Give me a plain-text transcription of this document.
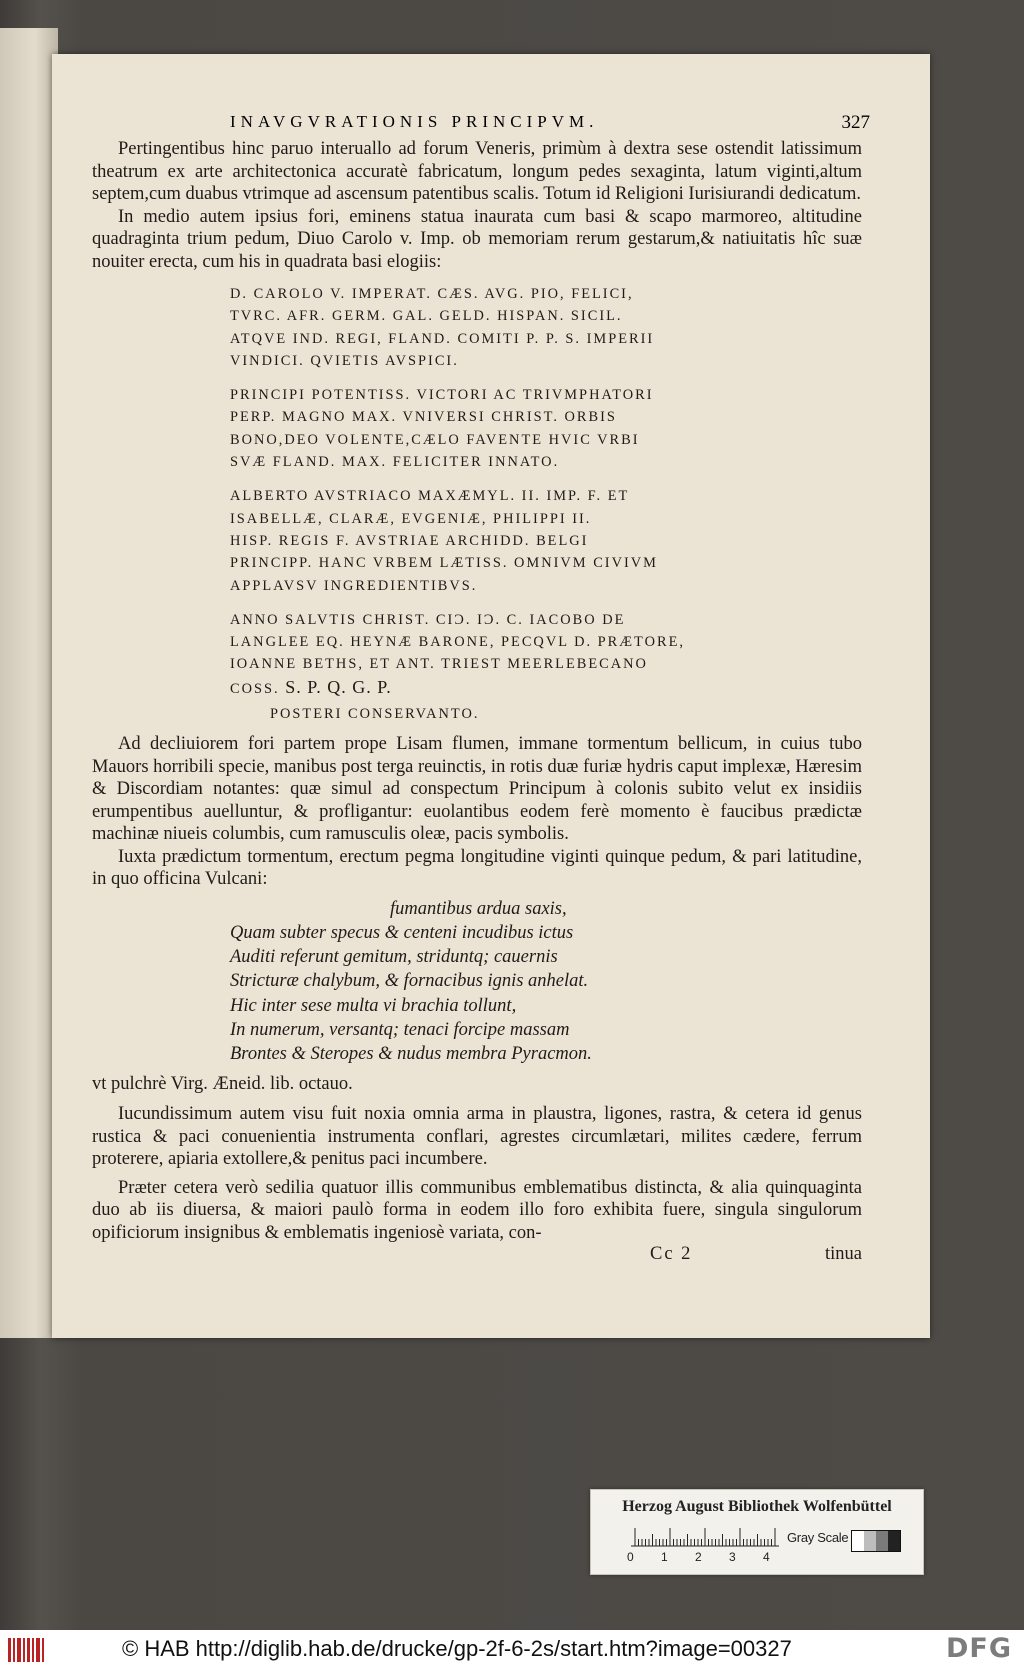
INAVGVRATIONIS PRINCIPVM.	327

Pertingentibus hinc paruo interuallo ad forum Veneris, primùm à dextra sese ostendit latissimum theatrum ex arte architectonica accuratè fabricatum, longum pedes sexaginta, latum viginti,altum septem,cum duabus vtrimque ad ascensum patentibus scalis. Totum id Religioni Iurisiurandi dedicatum.

In medio autem ipsius fori, eminens statua inaurata cum basi & scapo marmoreo, altitudine quadraginta trium pedum, Diuo Carolo v. Imp. ob memoriam rerum gestarum,& natiuitatis hîc suæ nouiter erecta, cum his in quadrata basi elogiis:

D. CAROLO V. IMPERAT. CÆS. AVG. PIO, FELICI,
TVRC. AFR. GERM. GAL. GELD. HISPAN. SICIL.
ATQVE IND. REGI, FLAND. COMITI P. P. S. IMPERII
VINDICI. QVIETIS AVSPICI.
PRINCIPI POTENTISS. VICTORI AC TRIVMPHATORI
PERP. MAGNO MAX. VNIVERSI CHRIST. ORBIS
BONO,DEO VOLENTE,CÆLO FAVENTE HVIC VRBI
SVÆ FLAND. MAX. FELICITER INNATO.
ALBERTO AVSTRIACO MAXÆMYL. II. IMP. F. ET
ISABELLÆ, CLARÆ, EVGENIÆ, PHILIPPI II.
HISP. REGIS F. AVSTRIAE ARCHIDD. BELGI
PRINCIPP. HANC VRBEM LÆTISS. OMNIVM CIVIVM
APPLAVSV INGREDIENTIBVS.
ANNO SALVTIS CHRIST. CIƆ. IƆ. C. IACOBO DE
LANGLEE EQ. HEYNÆ BARONE, PECQVL D. PRÆTORE,
IOANNE BETHS, ET ANT. TRIEST MEERLEBECANO
COSS. S. P. Q. G. P.
POSTERI CONSERVANTO.

Ad decliuiorem fori partem prope Lisam flumen, immane tormentum bellicum, in cuius tubo Mauors horribili specie, manibus post terga reuinctis, in rotis duæ furiæ hydris caput implexæ, Hæresim & Discordiam notantes: quæ simul ad conspectum Principum à colonis subito velut ex insidiis erumpentibus auelluntur, & profligantur: euolantibus eodem ferè momento è faucibus prædictæ machinæ niueis columbis, cum ramusculis oleæ, pacis symbolis.

Iuxta prædictum tormentum, erectum pegma longitudine viginti quinque pedum, & pari latitudine, in quo officina Vulcani:

fumantibus ardua saxis,
Quam subter specus & centeni incudibus ictus
Auditi referunt gemitum, striduntq; cauernis
Stricturæ chalybum, & fornacibus ignis anhelat.
Hic inter sese multa vi brachia tollunt,
In numerum, versantq; tenaci forcipe massam
Brontes & Steropes & nudus membra Pyracmon.

vt pulchrè Virg. Æneid. lib. octauo.

Iucundissimum autem visu fuit noxia omnia arma in plaustra, ligones, rastra, & cetera id genus rustica & paci conuenientia instrumenta conflari, agrestes circumlætari, milites cædere, ferrum proterere, apiaria extollere,& penitus paci incumbere.

Præter cetera verò sedilia quatuor illis communibus emblematibus distincta, & alia quinquaginta duo ab iis diuersa, & maiori paulò forma in eodem illo foro exhibita fuere, singula singulorum opificiorum insignibus & emblematis ingeniosè variata, con-

Cc 2	tinua
Herzog August Bibliothek Wolfenbüttel
Gray Scale
0 1 2 3 4
© HAB http://diglib.hab.de/drucke/gp-2f-6-2s/start.htm?image=00327	DFG
